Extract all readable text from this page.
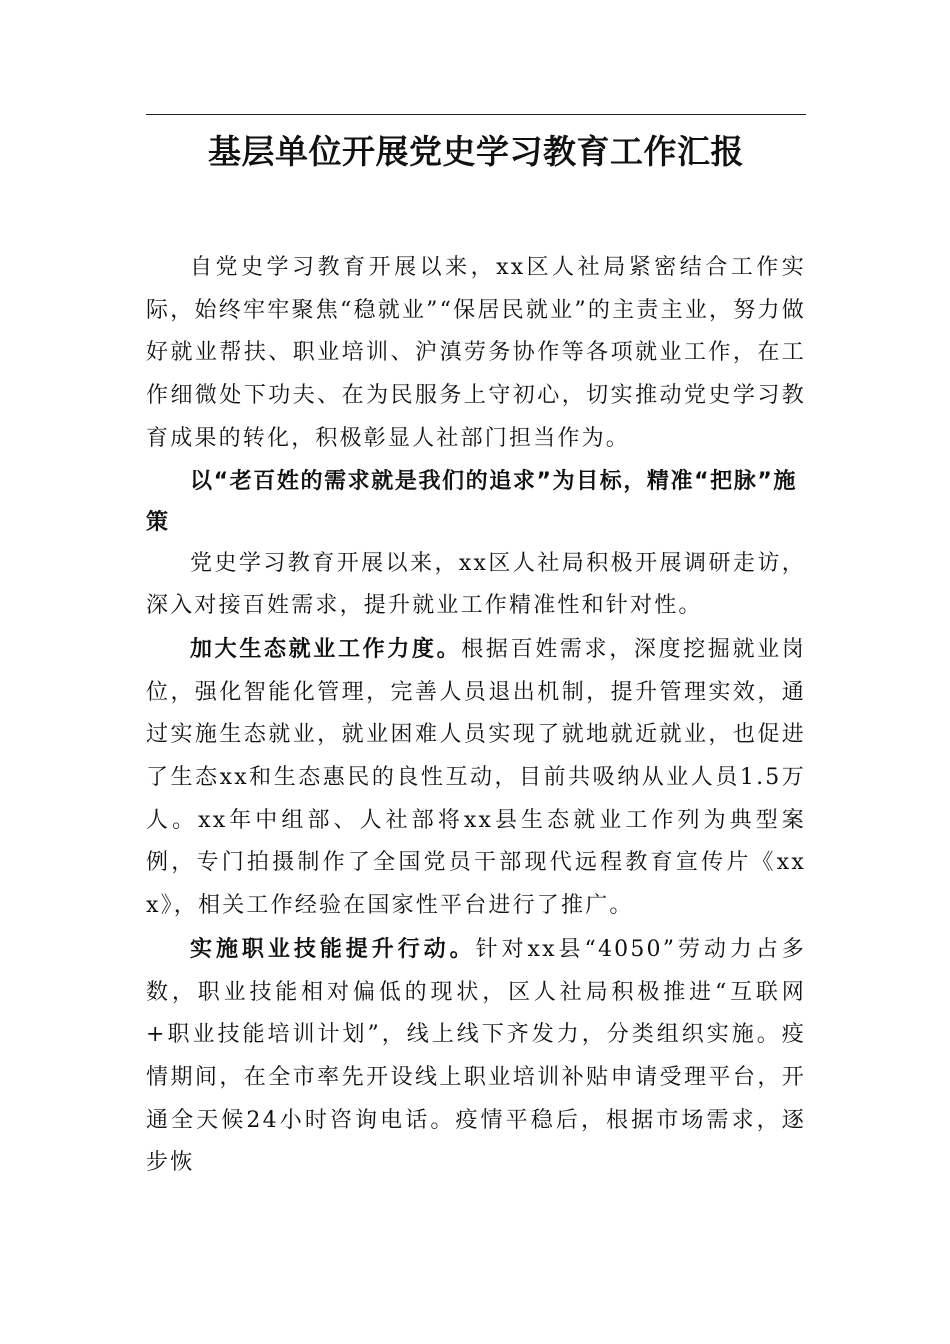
基层单位开展党史学习教育工作汇报

自党史学习教育开展以来，xx区人社局紧密结合工作实际，始终牢牢聚焦“稳就业”“保居民就业”的主责主业，努力做好就业帮扶、职业培训、沪滇劳务协作等各项就业工作，在工作细微处下功夫、在为民服务上守初心，切实推动党史学习教育成果的转化，积极彰显人社部门担当作为。

以“老百姓的需求就是我们的追求”为目标，精准“把脉”施策

党史学习教育开展以来，xx区人社局积极开展调研走访，深入对接百姓需求，提升就业工作精准性和针对性。

加大生态就业工作力度。根据百姓需求，深度挖掘就业岗位，强化智能化管理，完善人员退出机制，提升管理实效，通过实施生态就业，就业困难人员实现了就地就近就业，也促进了生态xx和生态惠民的良性互动，目前共吸纳从业人员1.5万人。xx年中组部、人社部将xx县生态就业工作列为典型案例，专门拍摄制作了全国党员干部现代远程教育宣传片《xxx》，相关工作经验在国家性平台进行了推广。

实施职业技能提升行动。针对xx县“4050”劳动力占多数，职业技能相对偏低的现状，区人社局积极推进“互联网+职业技能培训计划”，线上线下齐发力，分类组织实施。疫情期间，在全市率先开设线上职业培训补贴申请受理平台，开通全天候24小时咨询电话。疫情平稳后，根据市场需求，逐步恢
